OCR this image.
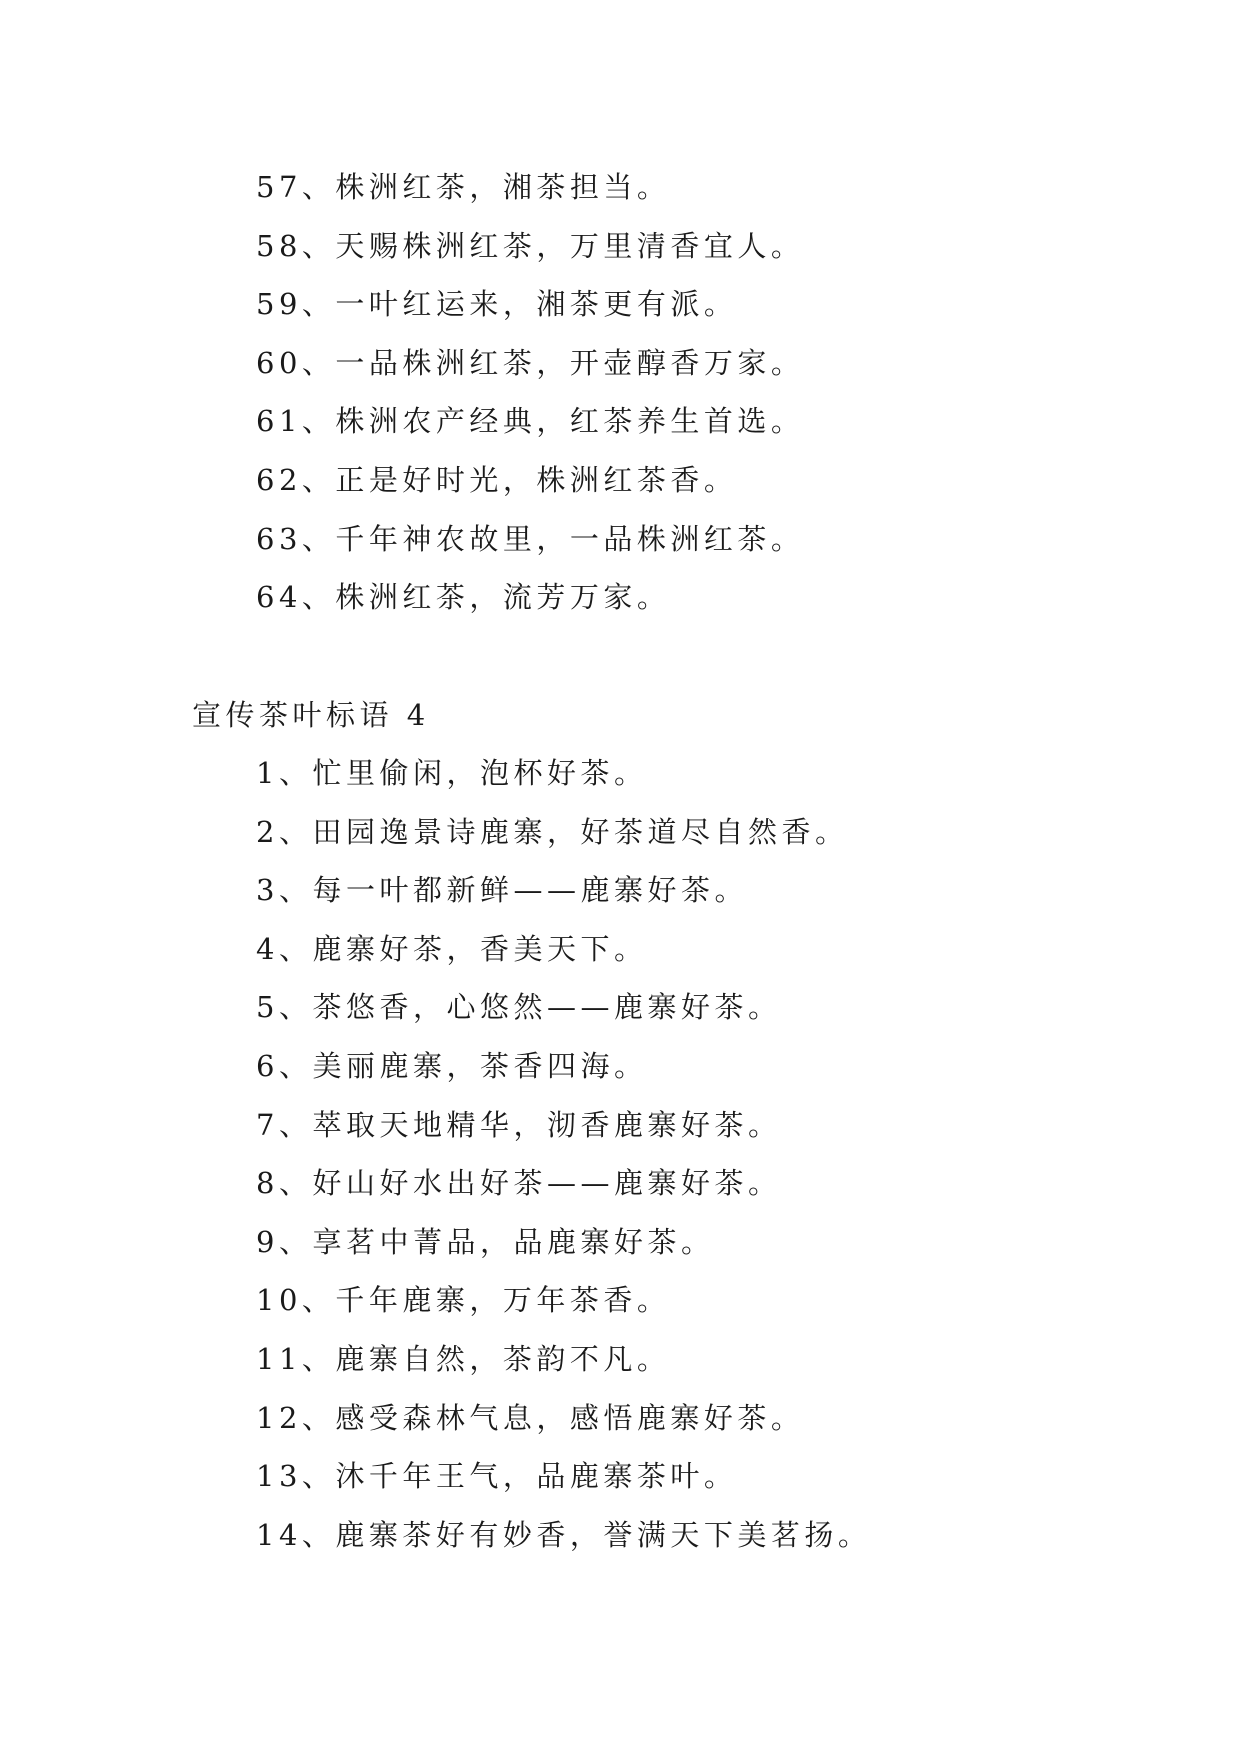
57、株洲红茶，湘茶担当。
58、天赐株洲红茶，万里清香宜人。
59、一叶红运来，湘茶更有派。
60、一品株洲红茶，开壶醇香万家。
61、株洲农产经典，红茶养生首选。
62、正是好时光，株洲红茶香。
63、千年神农故里，一品株洲红茶。
64、株洲红茶，流芳万家。
宣传茶叶标语 4
1、忙里偷闲，泡杯好茶。
2、田园逸景诗鹿寨，好茶道尽自然香。
3、每一叶都新鲜——鹿寨好茶。
4、鹿寨好茶，香美天下。
5、茶悠香，心悠然——鹿寨好茶。
6、美丽鹿寨，茶香四海。
7、萃取天地精华，沏香鹿寨好茶。
8、好山好水出好茶——鹿寨好茶。
9、享茗中菁品，品鹿寨好茶。
10、千年鹿寨，万年茶香。
11、鹿寨自然，茶韵不凡。
12、感受森林气息，感悟鹿寨好茶。
13、沐千年王气，品鹿寨茶叶。
14、鹿寨茶好有妙香，誉满天下美茗扬。
